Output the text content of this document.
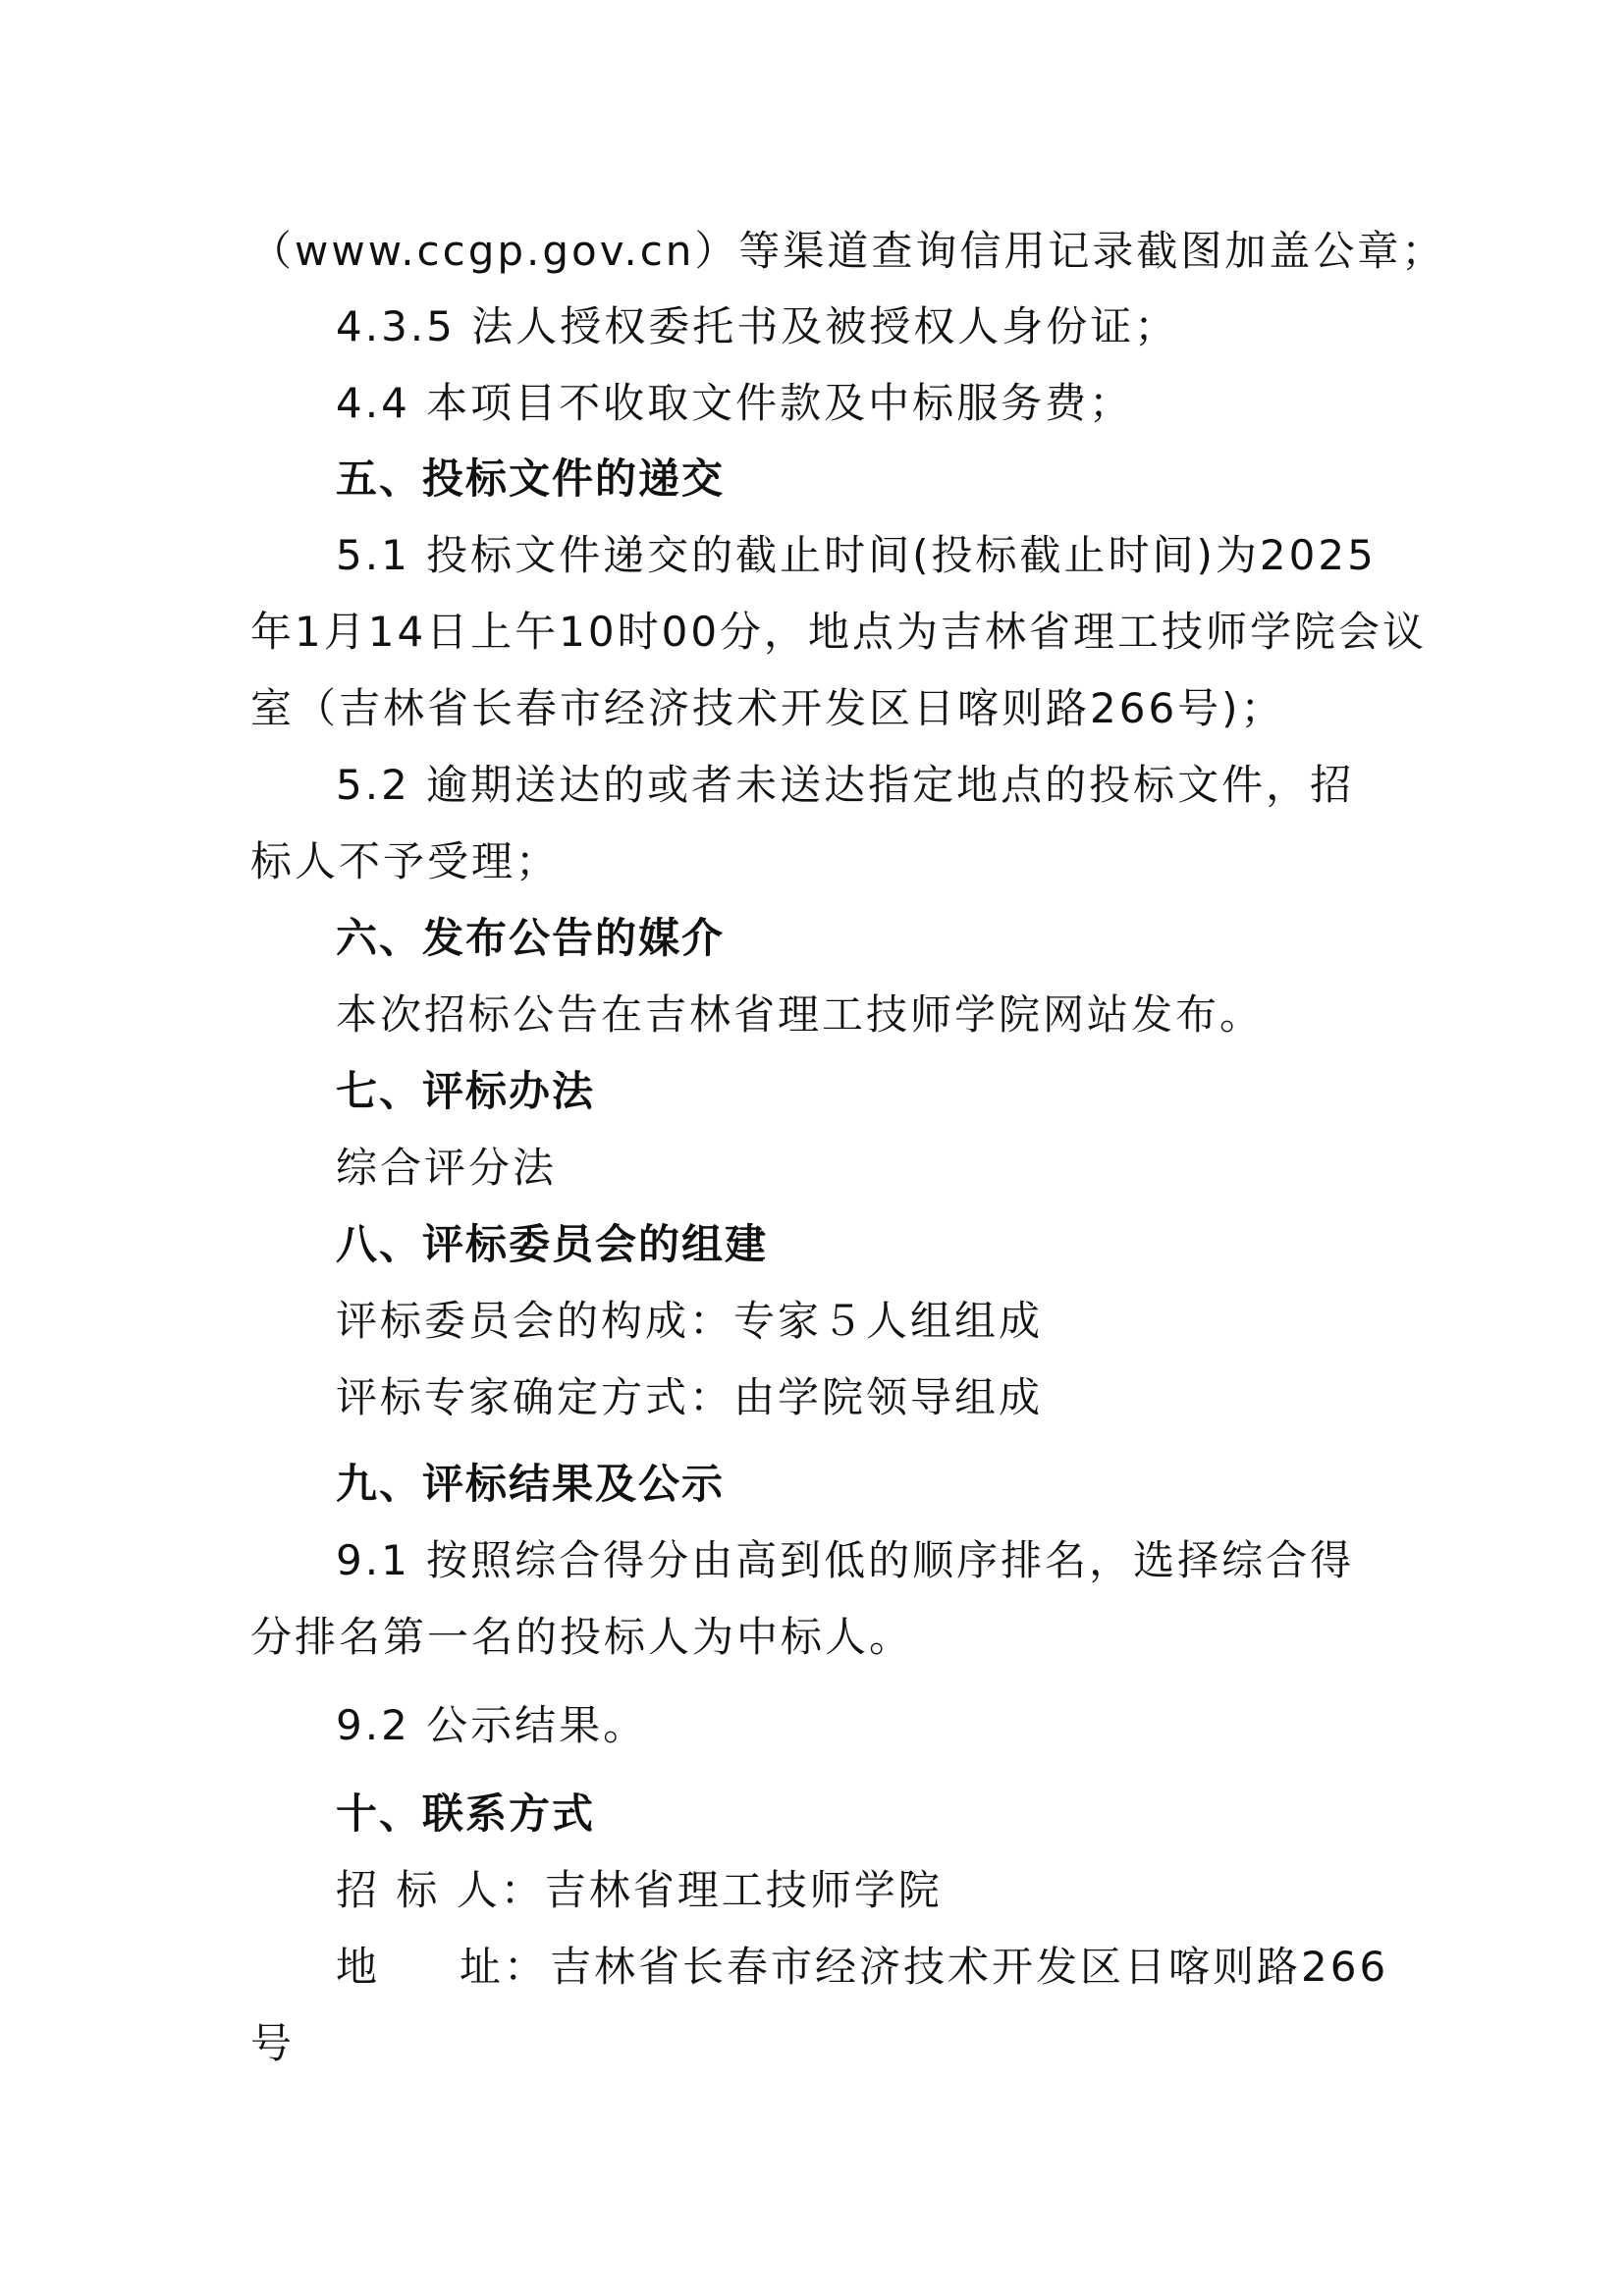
（www.ccgp.gov.cn）等渠道查询信用记录截图加盖公章；
4.3.5 法人授权委托书及被授权人身份证；
4.4 本项目不收取文件款及中标服务费；
五、投标文件的递交
5.1 投标文件递交的截止时间(投标截止时间)为2025
年1月14日上午10时00分，地点为吉林省理工技师学院会议
室（吉林省长春市经济技术开发区日喀则路266号)；
5.2 逾期送达的或者未送达指定地点的投标文件，招
标人不予受理；
六、发布公告的媒介
本次招标公告在吉林省理工技师学院网站发布。
七、评标办法
综合评分法
八、评标委员会的组建
评标委员会的构成：专家５人组组成
评标专家确定方式：由学院领导组成
九、评标结果及公示
9.1 按照综合得分由高到低的顺序排名，选择综合得
分排名第一名的投标人为中标人。
9.2 公示结果。
十、联系方式
招 标 人：吉林省理工技师学院
地 址：吉林省长春市经济技术开发区日喀则路266
号
